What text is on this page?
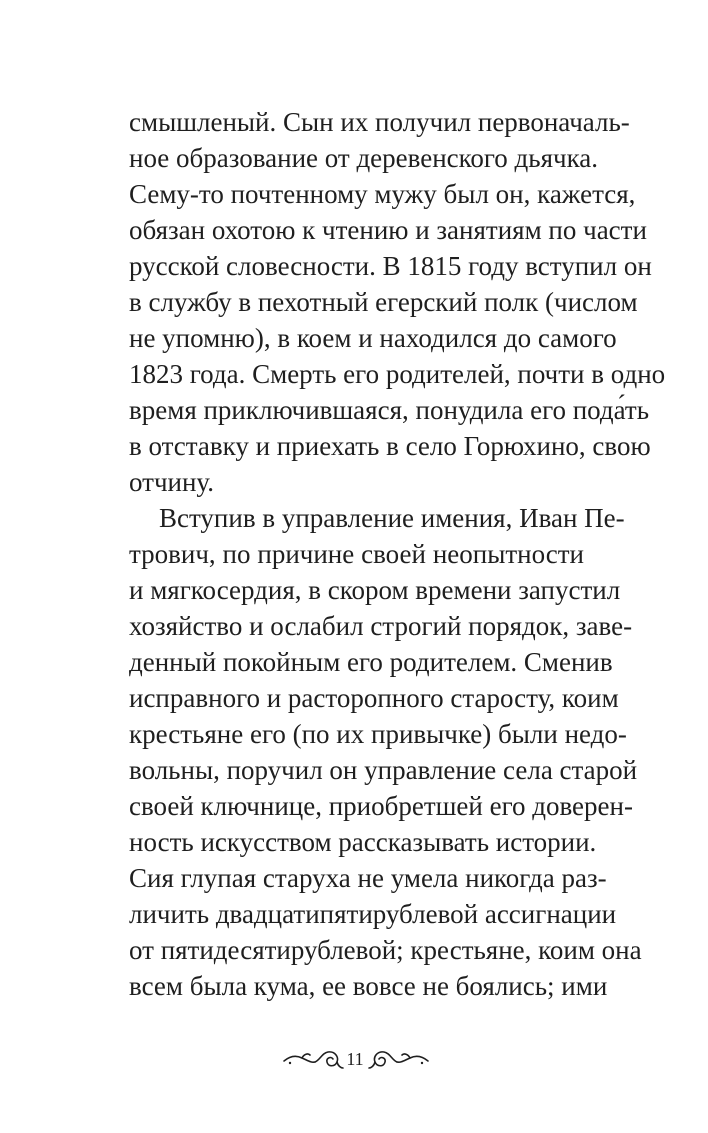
смышленый. Сын их получил первоначаль-
ное образование от деревенского дьячка.
Сему-то почтенному мужу был он, кажется,
обязан охотою к чтению и занятиям по части
русской словесности. В 1815 году вступил он
в службу в пехотный егерский полк (числом
не упомню), в коем и находился до самого
1823 года. Смерть его родителей, почти в одно
время приключившаяся, понудила его пода́ть
в отставку и приехать в село Горюхино, свою
отчину.
Вступив в управление имения, Иван Пе-
трович, по причине своей неопытности
и мягкосердия, в скором времени запустил
хозяйство и ослабил строгий порядок, заве-
денный покойным его родителем. Сменив
исправного и расторопного старосту, коим
крестьяне его (по их привычке) были недо-
вольны, поручил он управление села старой
своей ключнице, приобретшей его доверен-
ность искусством рассказывать истории.
Сия глупая старуха не умела никогда раз-
личить двадцатипятирублевой ассигнации
от пятидесятирублевой; крестьяне, коим она
всем была кума, ее вовсе не боялись; ими
11
